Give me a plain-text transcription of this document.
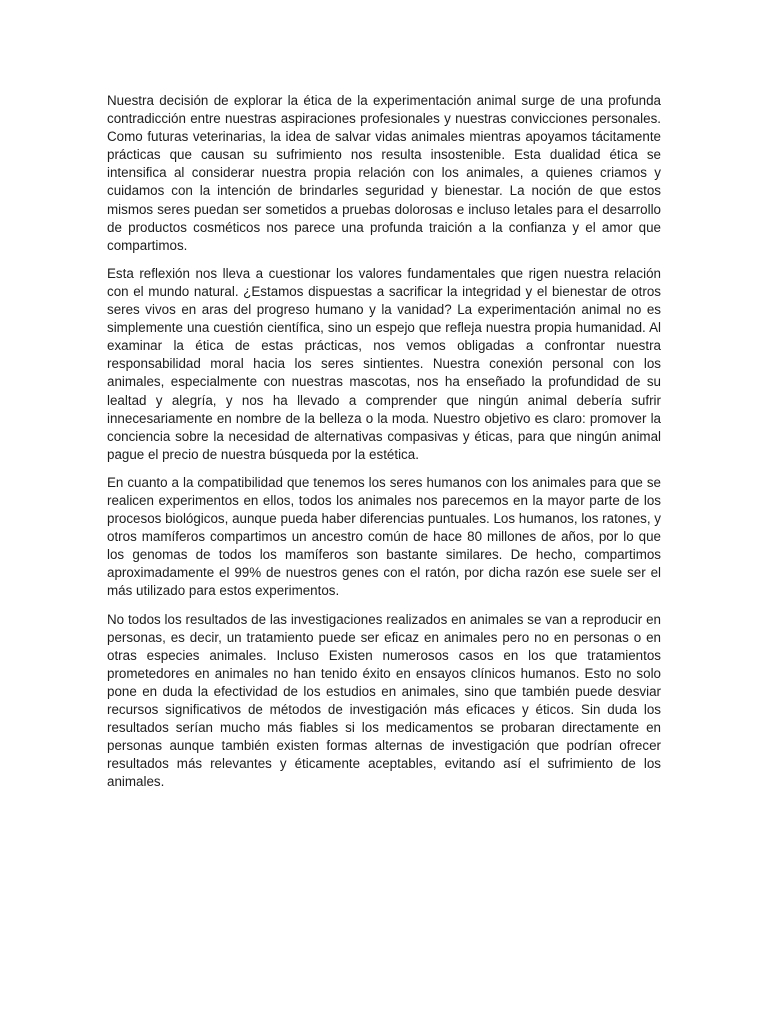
Nuestra decisión de explorar la ética de la experimentación animal surge de una profunda contradicción entre nuestras aspiraciones profesionales y nuestras convicciones personales. Como futuras veterinarias, la idea de salvar vidas animales mientras apoyamos tácitamente prácticas que causan su sufrimiento nos resulta insostenible. Esta dualidad ética se intensifica al considerar nuestra propia relación con los animales, a quienes criamos y cuidamos con la intención de brindarles seguridad y bienestar. La noción de que estos mismos seres puedan ser sometidos a pruebas dolorosas e incluso letales para el desarrollo de productos cosméticos nos parece una profunda traición a la confianza y el amor que compartimos.

Esta reflexión nos lleva a cuestionar los valores fundamentales que rigen nuestra relación con el mundo natural. ¿Estamos dispuestas a sacrificar la integridad y el bienestar de otros seres vivos en aras del progreso humano y la vanidad? La experimentación animal no es simplemente una cuestión científica, sino un espejo que refleja nuestra propia humanidad. Al examinar la ética de estas prácticas, nos vemos obligadas a confrontar nuestra responsabilidad moral hacia los seres sintientes. Nuestra conexión personal con los animales, especialmente con nuestras mascotas, nos ha enseñado la profundidad de su lealtad y alegría, y nos ha llevado a comprender que ningún animal debería sufrir innecesariamente en nombre de la belleza o la moda. Nuestro objetivo es claro: promover la conciencia sobre la necesidad de alternativas compasivas y éticas, para que ningún animal pague el precio de nuestra búsqueda por la estética.

En cuanto a la compatibilidad que tenemos los seres humanos con los animales para que se realicen experimentos en ellos, todos los animales nos parecemos en la mayor parte de los procesos biológicos, aunque pueda haber diferencias puntuales. Los humanos, los ratones, y otros mamíferos compartimos un ancestro común de hace 80 millones de años, por lo que los genomas de todos los mamíferos son bastante similares. De hecho, compartimos aproximadamente el 99% de nuestros genes con el ratón, por dicha razón ese suele ser el más utilizado para estos experimentos.

No todos los resultados de las investigaciones realizados en animales se van a reproducir en personas, es decir, un tratamiento puede ser eficaz en animales pero no en personas o en otras especies animales. Incluso Existen numerosos casos en los que tratamientos prometedores en animales no han tenido éxito en ensayos clínicos humanos. Esto no solo pone en duda la efectividad de los estudios en animales, sino que también puede desviar recursos significativos de métodos de investigación más eficaces y éticos. Sin duda los resultados serían mucho más fiables si los medicamentos se probaran directamente en personas aunque también existen formas alternas de investigación que podrían ofrecer resultados más relevantes y éticamente aceptables, evitando así el sufrimiento de los animales.
